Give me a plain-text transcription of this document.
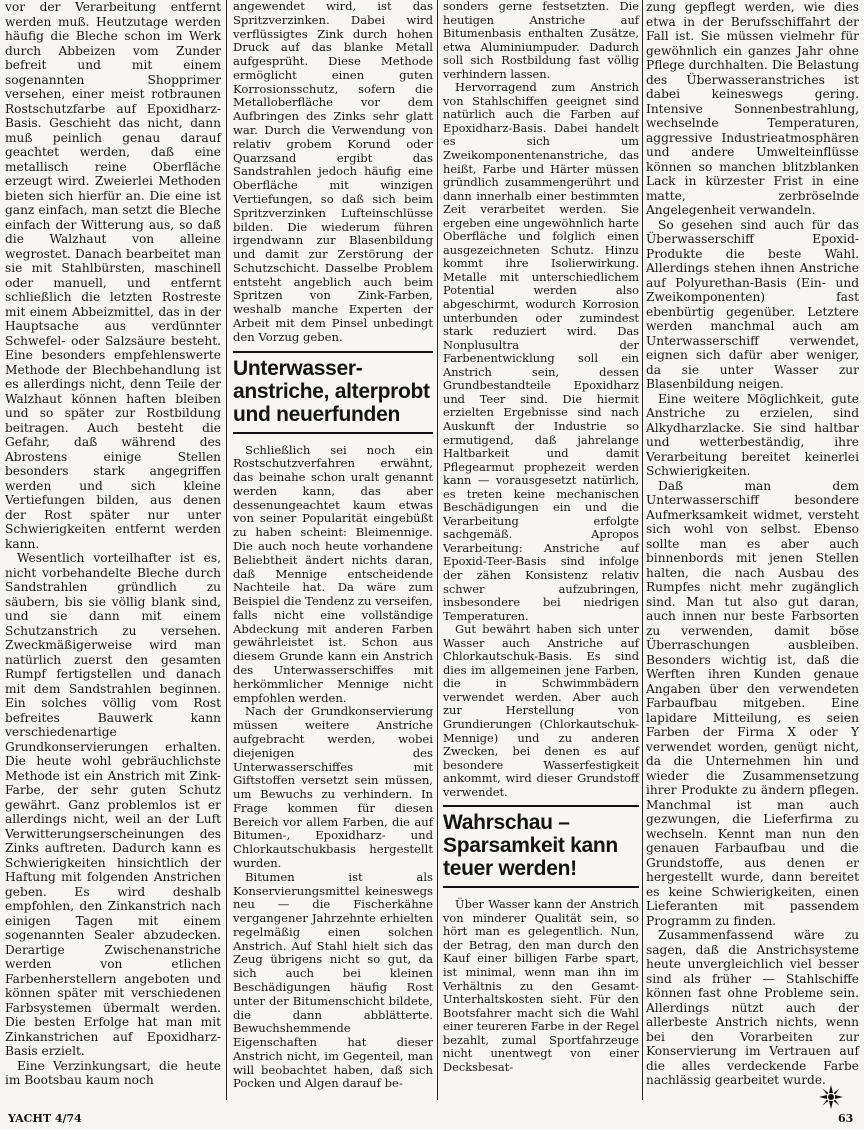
vor der Verarbeitung entfernt werden muß. Heutzutage werden häufig die Bleche schon im Werk durch Abbeizen vom Zunder befreit und mit einem sogenannten Shopprimer versehen, einer meist rotbraunen Rostschutzfarbe auf Epoxidharz-Basis. Geschieht das nicht, dann muß peinlich genau darauf geachtet werden, daß eine metallisch reine Oberfläche erzeugt wird. Zweierlei Methoden bieten sich hierfür an. Die eine ist ganz einfach, man setzt die Bleche einfach der Witterung aus, so daß die Walzhaut von alleine wegrostet. Danach bearbeitet man sie mit Stahlbürsten, maschinell oder manuell, und entfernt schließlich die letzten Rostreste mit einem Abbeizmittel, das in der Hauptsache aus verdünnter Schwefel- oder Salzsäure besteht. Eine besonders empfehlenswerte Methode der Blechbehandlung ist es allerdings nicht, denn Teile der Walzhaut können haften bleiben und so später zur Rostbildung beitragen. Auch besteht die Gefahr, daß während des Abrostens einige Stellen besonders stark angegriffen werden und sich kleine Vertiefungen bilden, aus denen der Rost später nur unter Schwierigkeiten entfernt werden kann.

Wesentlich vorteilhafter ist es, nicht vorbehandelte Bleche durch Sandstrahlen gründlich zu säubern, bis sie völlig blank sind, und sie dann mit einem Schutzanstrich zu versehen. Zweckmäßigerweise wird man natürlich zuerst den gesamten Rumpf fertigstellen und danach mit dem Sandstrahlen beginnen. Ein solches völlig vom Rost befreites Bauwerk kann verschiedenartige Grundkonservierungen erhalten. Die heute wohl gebräuchlichste Methode ist ein Anstrich mit Zink-Farbe, der sehr guten Schutz gewährt. Ganz problemlos ist er allerdings nicht, weil an der Luft Verwitterungserscheinungen des Zinks auftreten. Dadurch kann es Schwierigkeiten hinsichtlich der Haftung mit folgenden Anstrichen geben. Es wird deshalb empfohlen, den Zinkanstrich nach einigen Tagen mit einem sogenannten Sealer abzudecken. Derartige Zwischenanstriche werden von etlichen Farbenherstellern angeboten und können später mit verschiedenen Farbsystemen übermalt werden. Die besten Erfolge hat man mit Zinkanstrichen auf Epoxidharz-Basis erzielt.

Eine Verzinkungsart, die heute im Bootsbau kaum noch

angewendet wird, ist das Spritzverzinken. Dabei wird verflüssigtes Zink durch hohen Druck auf das blanke Metall aufgesprüht. Diese Methode ermöglicht einen guten Korrosionsschutz, sofern die Metalloberfläche vor dem Aufbringen des Zinks sehr glatt war. Durch die Verwendung von relativ grobem Korund oder Quarzsand ergibt das Sandstrahlen jedoch häufig eine Oberfläche mit winzigen Vertiefungen, so daß sich beim Spritzverzinken Lufteinschlüsse bilden. Die wiederum führen irgendwann zur Blasenbildung und damit zur Zerstörung der Schutzschicht. Dasselbe Problem entsteht angeblich auch beim Spritzen von Zink-Farben, weshalb manche Experten der Arbeit mit dem Pinsel unbedingt den Vorzug geben.

Unterwasseranstriche, alterprobt und neuerfunden

Schließlich sei noch ein Rostschutzverfahren erwähnt, das beinahe schon uralt genannt werden kann, das aber dessenungeachtet kaum etwas von seiner Popularität eingebüßt zu haben scheint: Bleimennige. Die auch noch heute vorhandene Beliebtheit ändert nichts daran, daß Mennige entscheidende Nachteile hat. Da wäre zum Beispiel die Tendenz zu verseifen, falls nicht eine vollständige Abdeckung mit anderen Farben gewährleistet ist. Schon aus diesem Grunde kann ein Anstrich des Unterwasserschiffes mit herkömmlicher Mennige nicht empfohlen werden.

Nach der Grundkonservierung müssen weitere Anstriche aufgebracht werden, wobei diejenigen des Unterwasserschiffes mit Giftstoffen versetzt sein müssen, um Bewuchs zu verhindern. In Frage kommen für diesen Bereich vor allem Farben, die auf Bitumen-, Epoxidharz- und Chlorkautschukbasis hergestellt wurden.

Bitumen ist als Konservierungsmittel keineswegs neu — die Fischerkähne vergangener Jahrzehnte erhielten regelmäßig einen solchen Anstrich. Auf Stahl hielt sich das Zeug übrigens nicht so gut, da sich auch bei kleinen Beschädigungen häufig Rost unter der Bitumenschicht bildete, die dann abblätterte. Bewuchshemmende Eigenschaften hat dieser Anstrich nicht, im Gegenteil, man will beobachtet haben, daß sich Pocken und Algen darauf be-

sonders gerne festsetzten. Die heutigen Anstriche auf Bitumenbasis enthalten Zusätze, etwa Aluminiumpuder. Dadurch soll sich Rostbildung fast völlig verhindern lassen.

Hervorragend zum Anstrich von Stahlschiffen geeignet sind natürlich auch die Farben auf Epoxidharz-Basis. Dabei handelt es sich um Zweikomponentenanstriche, das heißt, Farbe und Härter müssen gründlich zusammengerührt und dann innerhalb einer bestimmten Zeit verarbeitet werden. Sie ergeben eine ungewöhnlich harte Oberfläche und folglich einen ausgezeichneten Schutz. Hinzu kommt ihre Isolierwirkung. Metalle mit unterschiedlichem Potential werden also abgeschirmt, wodurch Korrosion unterbunden oder zumindest stark reduziert wird. Das Nonplusultra der Farbenentwicklung soll ein Anstrich sein, dessen Grundbestandteile Epoxidharz und Teer sind. Die hiermit erzielten Ergebnisse sind nach Auskunft der Industrie so ermutigend, daß jahrelange Haltbarkeit und damit Pflegearmut prophezeit werden kann — vorausgesetzt natürlich, es treten keine mechanischen Beschädigungen ein und die Verarbeitung erfolgte sachgemäß. Apropos Verarbeitung: Anstriche auf Epoxid-Teer-Basis sind infolge der zähen Konsistenz relativ schwer aufzubringen, insbesondere bei niedrigen Temperaturen.

Gut bewährt haben sich unter Wasser auch Anstriche auf Chlorkautschuk-Basis. Es sind dies im allgemeinen jene Farben, die in Schwimmbädern verwendet werden. Aber auch zur Herstellung von Grundierungen (Chlorkautschuk-Mennige) und zu anderen Zwecken, bei denen es auf besondere Wasserfestigkeit ankommt, wird dieser Grundstoff verwendet.

Wahrschau – Sparsamkeit kann teuer werden!

Über Wasser kann der Anstrich von minderer Qualität sein, so hört man es gelegentlich. Nun, der Betrag, den man durch den Kauf einer billigen Farbe spart, ist minimal, wenn man ihn im Verhältnis zu den Gesamt-Unterhaltskosten sieht. Für den Bootsfahrer macht sich die Wahl einer teureren Farbe in der Regel bezahlt, zumal Sportfahrzeuge nicht unentwegt von einer Decksbesat-

zung gepflegt werden, wie dies etwa in der Berufsschiffahrt der Fall ist. Sie müssen vielmehr für gewöhnlich ein ganzes Jahr ohne Pflege durchhalten. Die Belastung des Überwasseranstriches ist dabei keineswegs gering. Intensive Sonnenbestrahlung, wechselnde Temperaturen, aggressive Industrieatmosphären und andere Umwelteinflüsse können so manchen blitzblanken Lack in kürzester Frist in eine matte, zerbröselnde Angelegenheit verwandeln.

So gesehen sind auch für das Überwasserschiff Epoxid-Produkte die beste Wahl. Allerdings stehen ihnen Anstriche auf Polyurethan-Basis (Ein- und Zweikomponenten) fast ebenbürtig gegenüber. Letztere werden manchmal auch am Unterwasserschiff verwendet, eignen sich dafür aber weniger, da sie unter Wasser zur Blasenbildung neigen.

Eine weitere Möglichkeit, gute Anstriche zu erzielen, sind Alkydharzlacke. Sie sind haltbar und wetterbeständig, ihre Verarbeitung bereitet keinerlei Schwierigkeiten.

Daß man dem Unterwasserschiff besondere Aufmerksamkeit widmet, versteht sich wohl von selbst. Ebenso sollte man es aber auch binnenbords mit jenen Stellen halten, die nach Ausbau des Rumpfes nicht mehr zugänglich sind. Man tut also gut daran, auch innen nur beste Farbsorten zu verwenden, damit böse Überraschungen ausbleiben. Besonders wichtig ist, daß die Werften ihren Kunden genaue Angaben über den verwendeten Farbaufbau mitgeben. Eine lapidare Mitteilung, es seien Farben der Firma X oder Y verwendet worden, genügt nicht, da die Unternehmen hin und wieder die Zusammensetzung ihrer Produkte zu ändern pflegen. Manchmal ist man auch gezwungen, die Lieferfirma zu wechseln. Kennt man nun den genauen Farbaufbau und die Grundstoffe, aus denen er hergestellt wurde, dann bereitet es keine Schwierigkeiten, einen Lieferanten mit passendem Programm zu finden.

Zusammenfassend wäre zu sagen, daß die Anstrichsysteme heute unvergleichlich viel besser sind als früher — Stahlschiffe können fast ohne Probleme sein. Allerdings nützt auch der allerbeste Anstrich nichts, wenn bei den Vorarbeiten zur Konservierung im Vertrauen auf die alles verdeckende Farbe nachlässig gearbeitet wurde.

YACHT 4/74	63
